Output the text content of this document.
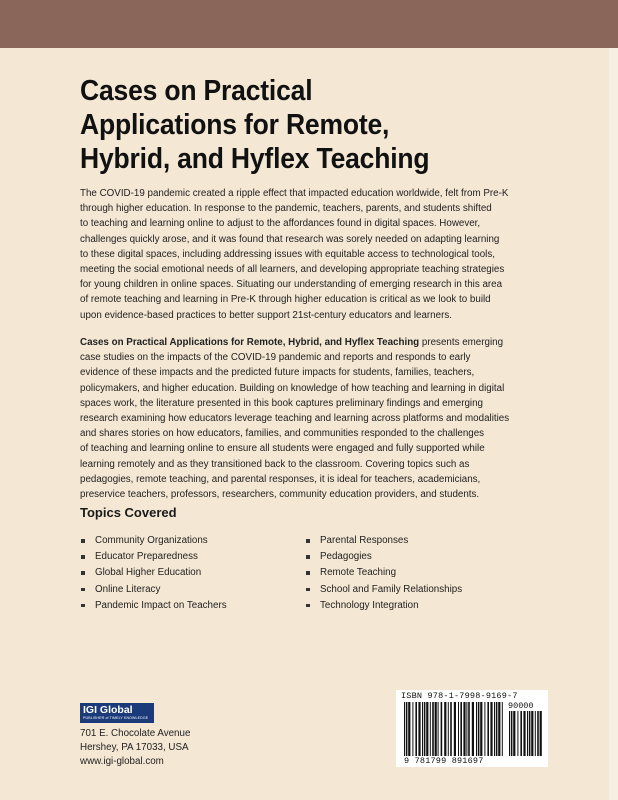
Cases on Practical
Applications for Remote,
Hybrid, and Hyflex Teaching
The COVID-19 pandemic created a ripple effect that impacted education worldwide, felt from Pre-K
through higher education. In response to the pandemic, teachers, parents, and students shifted
to teaching and learning online to adjust to the affordances found in digital spaces. However,
challenges quickly arose, and it was found that research was sorely needed on adapting learning
to these digital spaces, including addressing issues with equitable access to technological tools,
meeting the social emotional needs of all learners, and developing appropriate teaching strategies
for young children in online spaces. Situating our understanding of emerging research in this area
of remote teaching and learning in Pre-K through higher education is critical as we look to build
upon evidence-based practices to better support 21st-century educators and learners.
Cases on Practical Applications for Remote, Hybrid, and Hyflex Teaching presents emerging
case studies on the impacts of the COVID-19 pandemic and reports and responds to early
evidence of these impacts and the predicted future impacts for students, families, teachers,
policymakers, and higher education. Building on knowledge of how teaching and learning in digital
spaces work, the literature presented in this book captures preliminary findings and emerging
research examining how educators leverage teaching and learning across platforms and modalities
and shares stories on how educators, families, and communities responded to the challenges
of teaching and learning online to ensure all students were engaged and fully supported while
learning remotely and as they transitioned back to the classroom. Covering topics such as
pedagogies, remote teaching, and parental responses, it is ideal for teachers, academicians,
preservice teachers, professors, researchers, community education providers, and students.
Topics Covered
Community Organizations
Educator Preparedness
Global Higher Education
Online Literacy
Pandemic Impact on Teachers
Parental Responses
Pedagogies
Remote Teaching
School and Family Relationships
Technology Integration
IGI Global
PUBLISHER of TIMELY KNOWLEDGE
701 E. Chocolate Avenue
Hershey, PA 17033, USA
www.igi-global.com
ISBN 978-1-7998-9169-7
90000
9 781799 891697
